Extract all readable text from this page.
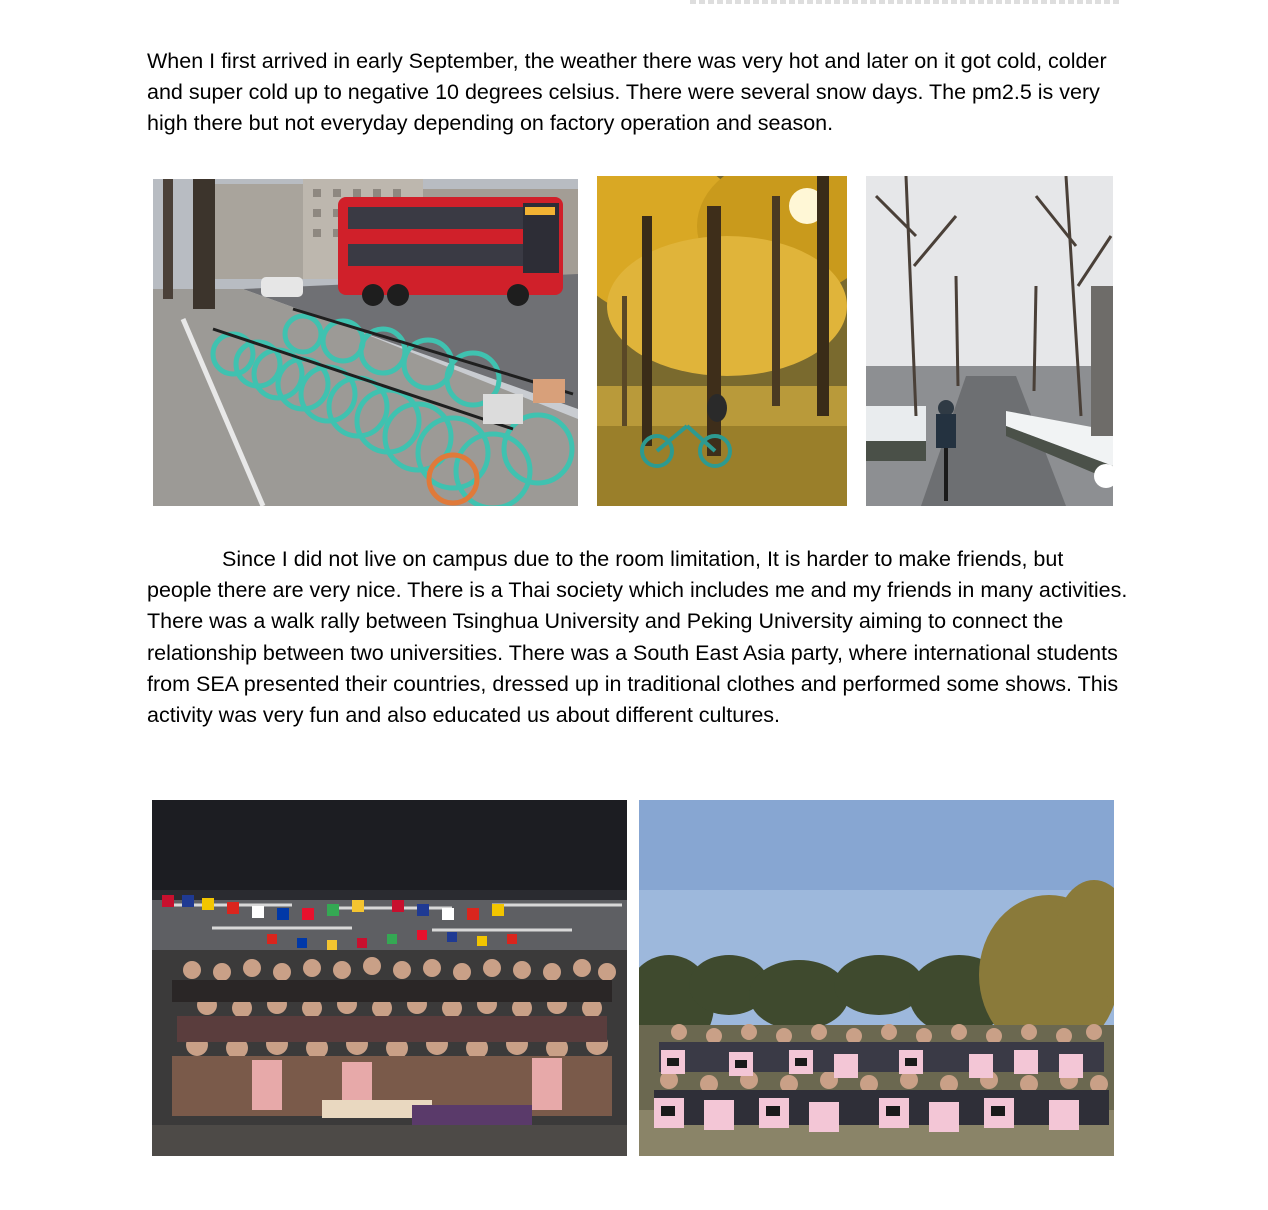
When I first arrived in early September, the weather there was very hot and later on it got cold, colder and super cold up to negative 10 degrees celsius. There were several snow days. The pm2.5 is very high there but not everyday depending on factory operation and season.

Since I did not live on campus due to the room limitation, It is harder to make friends, but people there are very nice. There is a Thai society which includes me and my friends in many activities. There was a walk rally between Tsinghua University and Peking University aiming to connect the relationship between two universities. There was a South East Asia party, where international students from SEA presented their countries, dressed up in traditional clothes and performed some shows. This activity was very fun and also educated us about different cultures.
